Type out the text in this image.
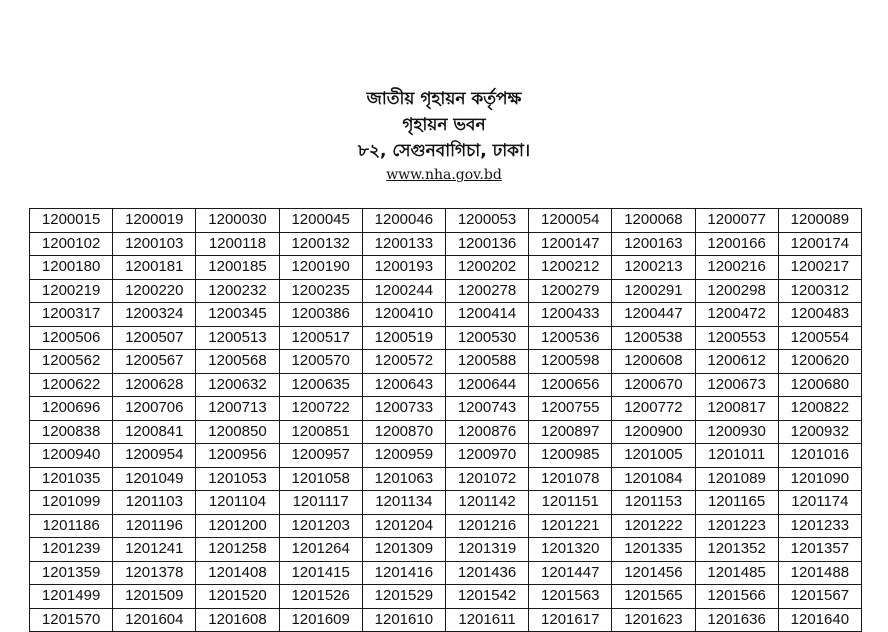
জাতীয় গৃহায়ন কর্তৃপক্ষ
গৃহায়ন ভবন
৮২, সেগুনবাগিচা, ঢাকা।
www.nha.gov.bd
1200015	1200019	1200030	1200045	1200046	1200053	1200054	1200068	1200077	1200089
1200102	1200103	1200118	1200132	1200133	1200136	1200147	1200163	1200166	1200174
1200180	1200181	1200185	1200190	1200193	1200202	1200212	1200213	1200216	1200217
1200219	1200220	1200232	1200235	1200244	1200278	1200279	1200291	1200298	1200312
1200317	1200324	1200345	1200386	1200410	1200414	1200433	1200447	1200472	1200483
1200506	1200507	1200513	1200517	1200519	1200530	1200536	1200538	1200553	1200554
1200562	1200567	1200568	1200570	1200572	1200588	1200598	1200608	1200612	1200620
1200622	1200628	1200632	1200635	1200643	1200644	1200656	1200670	1200673	1200680
1200696	1200706	1200713	1200722	1200733	1200743	1200755	1200772	1200817	1200822
1200838	1200841	1200850	1200851	1200870	1200876	1200897	1200900	1200930	1200932
1200940	1200954	1200956	1200957	1200959	1200970	1200985	1201005	1201011	1201016
1201035	1201049	1201053	1201058	1201063	1201072	1201078	1201084	1201089	1201090
1201099	1201103	1201104	1201117	1201134	1201142	1201151	1201153	1201165	1201174
1201186	1201196	1201200	1201203	1201204	1201216	1201221	1201222	1201223	1201233
1201239	1201241	1201258	1201264	1201309	1201319	1201320	1201335	1201352	1201357
1201359	1201378	1201408	1201415	1201416	1201436	1201447	1201456	1201485	1201488
1201499	1201509	1201520	1201526	1201529	1201542	1201563	1201565	1201566	1201567
1201570	1201604	1201608	1201609	1201610	1201611	1201617	1201623	1201636	1201640
